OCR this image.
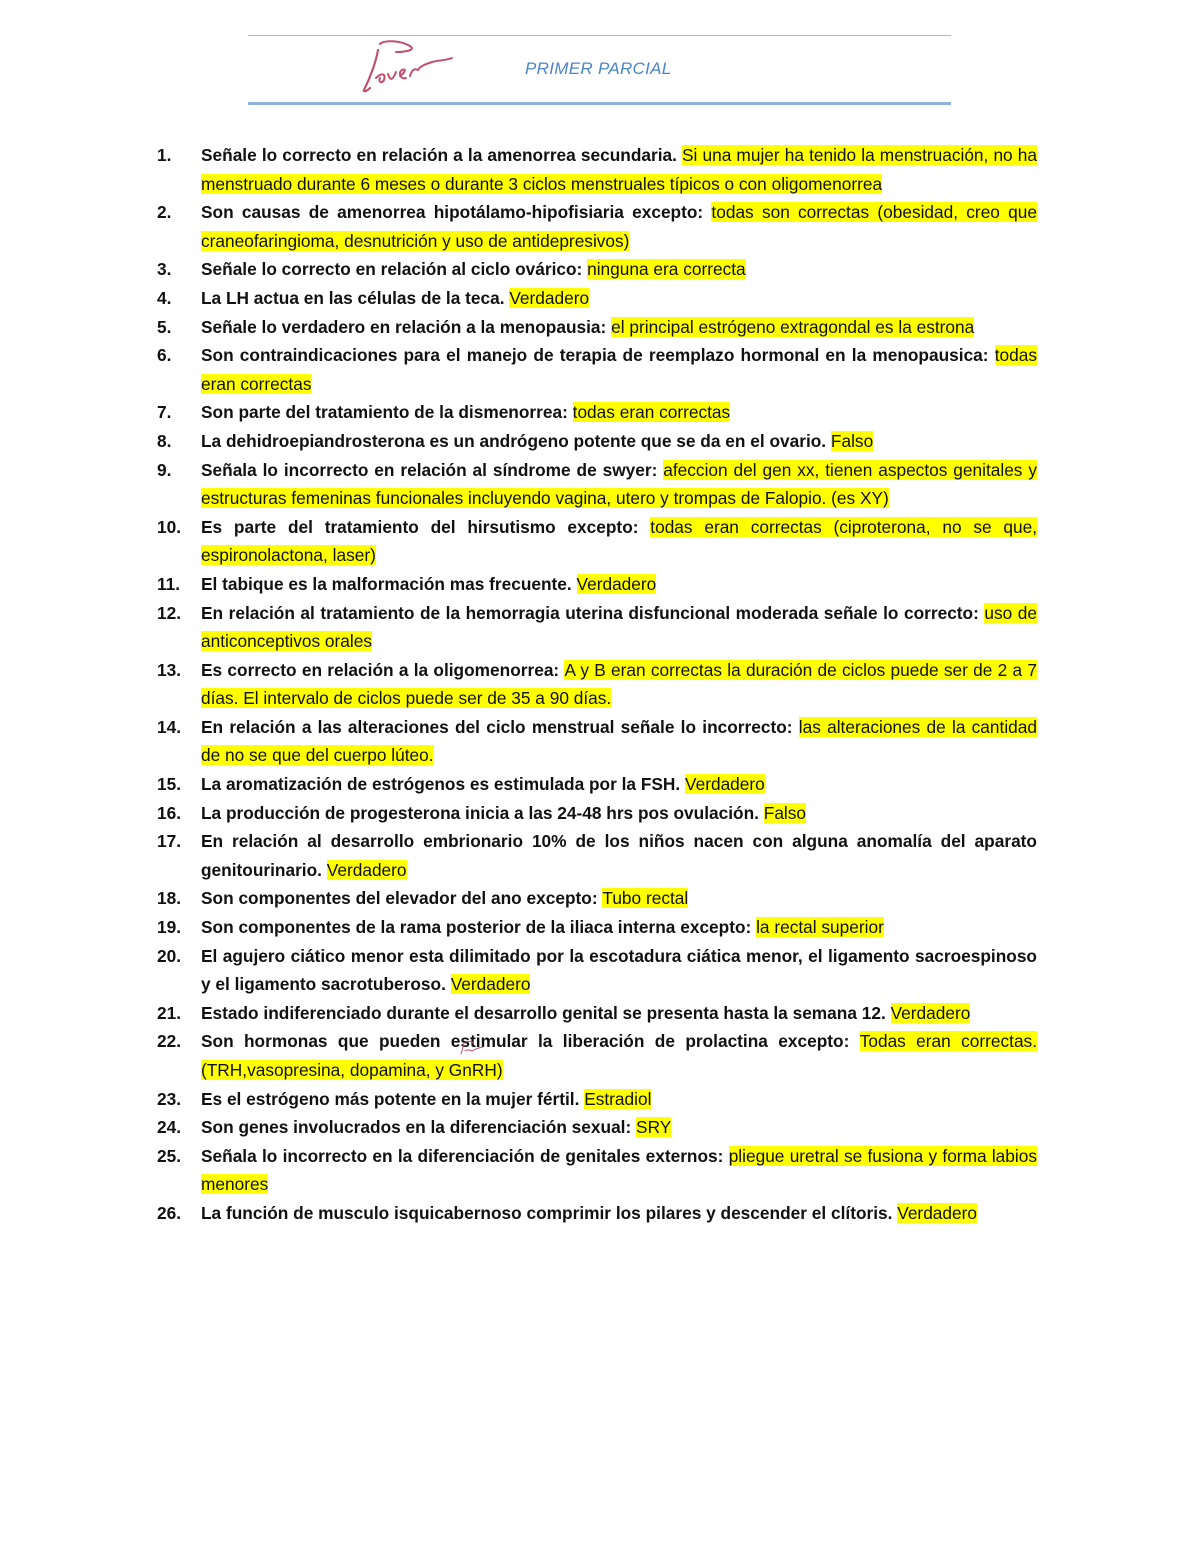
PRIMER PARCIAL
1.	Señale lo correcto en relación a la amenorrea secundaria. Si una mujer ha tenido la menstruación, no ha menstruado durante 6 meses o durante 3 ciclos menstruales típicos o con oligomenorrea
2.	Son causas de amenorrea hipotálamo-hipofisiaria excepto: todas son correctas (obesidad, creo que craneofaringioma, desnutrición y uso de antidepresivos)
3.	Señale lo correcto en relación al ciclo ovárico: ninguna era correcta
4.	La LH actua en las células de la teca. Verdadero
5.	Señale lo verdadero en relación a la menopausia: el principal estrógeno extragondal es la estrona
6.	Son contraindicaciones para el manejo de terapia de reemplazo hormonal en la menopausica: todas eran correctas
7.	Son parte del tratamiento de la dismenorrea: todas eran correctas
8.	La dehidroepiandrosterona es un andrógeno potente que se da en el ovario. Falso
9.	Señala lo incorrecto en relación al síndrome de swyer: afeccion del gen xx, tienen aspectos genitales y estructuras femeninas funcionales incluyendo vagina, utero y trompas de Falopio. (es XY)
10.	Es parte del tratamiento del hirsutismo excepto: todas eran correctas (ciproterona, no se que, espironolactona, laser)
11.	El tabique es la malformación mas frecuente. Verdadero
12.	En relación al tratamiento de la hemorragia uterina disfuncional moderada señale lo correcto: uso de anticonceptivos orales
13.	Es correcto en relación a la oligomenorrea: A y B eran correctas la duración de ciclos puede ser de 2 a 7 días. El intervalo de ciclos puede ser de 35 a 90 días.
14.	En relación a las alteraciones del ciclo menstrual señale lo incorrecto: las alteraciones de la cantidad de no se que del cuerpo lúteo.
15.	La aromatización de estrógenos es estimulada por la FSH. Verdadero
16.	La producción de progesterona inicia a las 24-48 hrs pos ovulación. Falso
17.	En relación al desarrollo embrionario 10% de los niños nacen con alguna anomalía del aparato genitourinario. Verdadero
18.	Son componentes del elevador del ano excepto: Tubo rectal
19.	Son componentes de la rama posterior de la iliaca interna excepto: la rectal superior
20.	El agujero ciático menor esta dilimitado por la escotadura ciática menor, el ligamento sacroespinoso y el ligamento sacrotuberoso. Verdadero
21.	Estado indiferenciado durante el desarrollo genital se presenta hasta la semana 12. Verdadero
22.	Son hormonas que pueden estimular la liberación de prolactina excepto: Todas eran correctas. (TRH,vasopresina, dopamina, y GnRH)
23.	Es el estrógeno más potente en la mujer fértil. Estradiol
24.	Son genes involucrados en la diferenciación sexual: SRY
25.	Señala lo incorrecto en la diferenciación de genitales externos: pliegue uretral se fusiona y forma labios menores
26.	La función de musculo isquicabernoso comprimir los pilares y descender el clítoris. Verdadero
